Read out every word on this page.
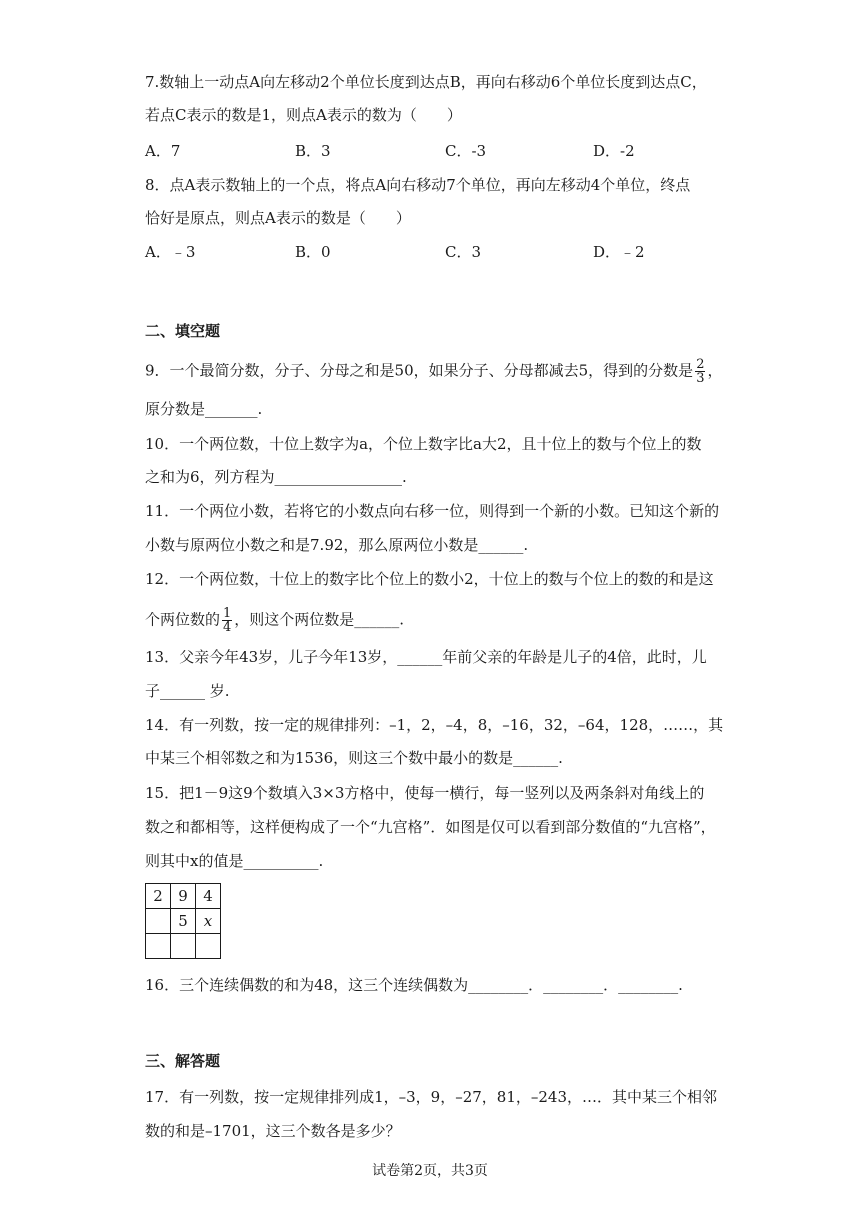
7.数轴上一动点A向左移动2个单位长度到达点B，再向右移动6个单位长度到达点C，
若点C表示的数是1，则点A表示的数为（　　）
A．7	B．3	C．-3	D．-2
8．点A表示数轴上的一个点，将点A向右移动7个单位，再向左移动4个单位，终点
恰好是原点，则点A表示的数是（　　）
A．﹣3	B．0	C．3	D．﹣2
二、填空题
9．一个最简分数，分子、分母之和是50，如果分子、分母都减去5，得到的分数是 $\frac{2}{3}$ ，
原分数是_______.
10．一个两位数，十位上数字为a，个位上数字比a大2，且十位上的数与个位上的数
之和为6，列方程为_________________.
11．一个两位小数，若将它的小数点向右移一位，则得到一个新的小数。已知这个新的
小数与原两位小数之和是7.92，那么原两位小数是______.
12．一个两位数，十位上的数字比个位上的数小2，十位上的数与个位上的数的和是这
个两位数的 $\frac{1}{4}$ ，则这个两位数是______.
13．父亲今年43岁，儿子今年13岁，______年前父亲的年龄是儿子的4倍，此时，儿
子______ 岁.
14．有一列数，按一定的规律排列：–1，2，–4，8，–16，32，–64，128，……，其
中某三个相邻数之和为1536，则这三个数中最小的数是______.
15．把1－9这9个数填入3×3方格中，使每一横行，每一竖列以及两条斜对角线上的
数之和都相等，这样便构成了一个“九宫格”．如图是仅可以看到部分数值的“九宫格”，
则其中x的值是__________.
2	9	4
	5	x

16．三个连续偶数的和为48，这三个连续偶数为________．________．________.
三、解答题
17．有一列数，按一定规律排列成1，–3，9，–27，81，–243，…．其中某三个相邻
数的和是–1701，这三个数各是多少？
试卷第2页，共3页
